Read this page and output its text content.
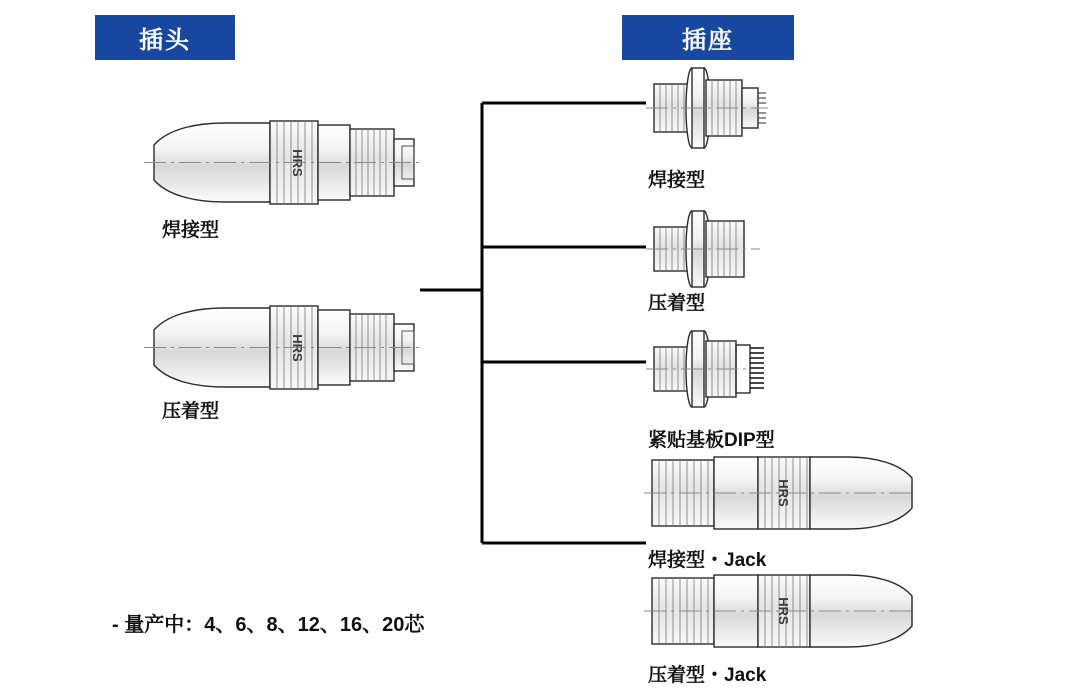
插头	插座
HRS
焊接型
HRS
压着型
焊接型
压着型
紧贴基板DIP型
HRS
焊接型・Jack
HRS
压着型・Jack
- 量产中：4、6、8、12、16、20芯
